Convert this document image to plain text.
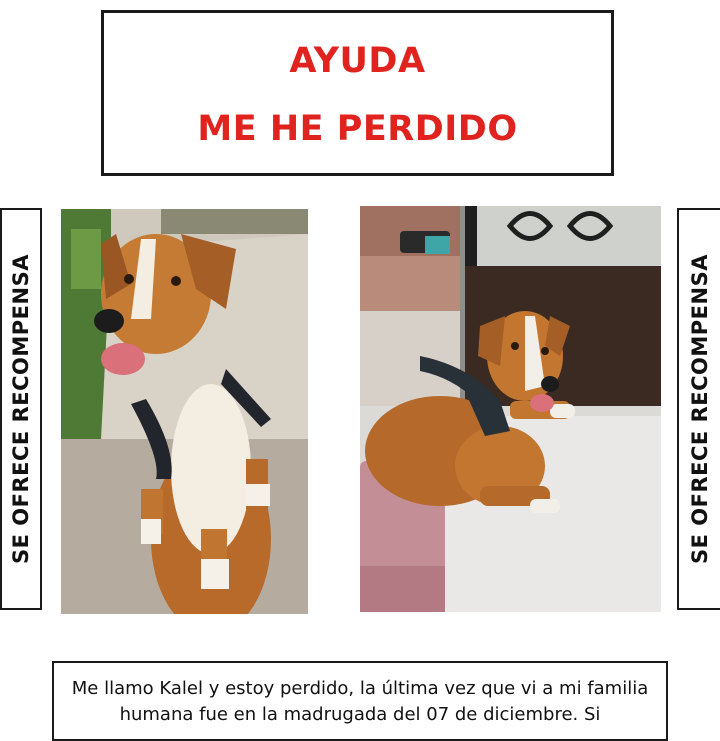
AYUDA
ME HE PERDIDO
SE OFRECE RECOMPENSA	SE OFRECE RECOMPENSA

Me llamo Kalel y estoy perdido, la última vez que vi a mi familia humana fue en la madrugada del 07 de diciembre. Si
